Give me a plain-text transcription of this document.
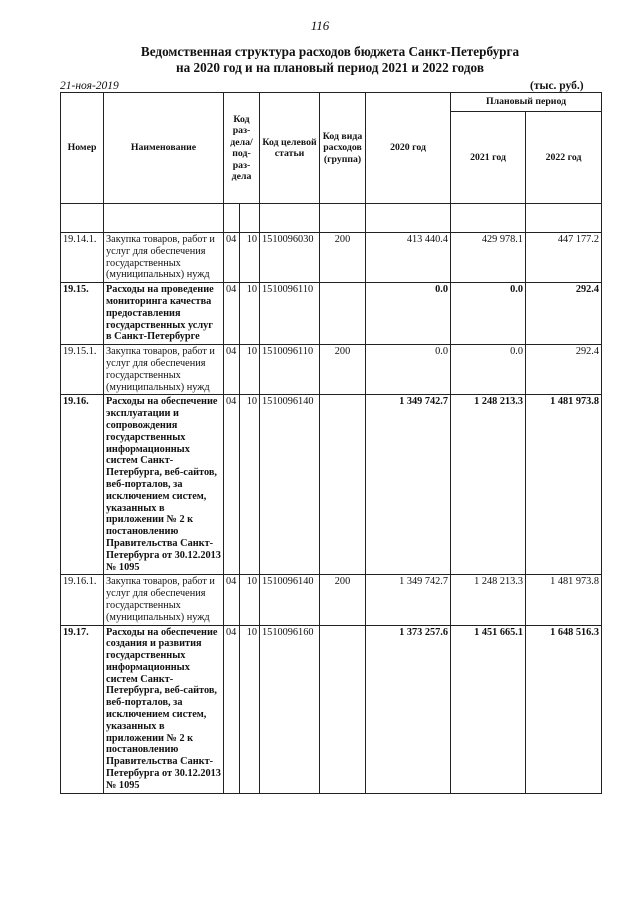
116
Ведомственная структура расходов бюджета Санкт-Петербурга
на 2020 год и на плановый период 2021 и 2022 годов
21-ноя-2019	(тыс. руб.)
Номер	Наименование	Код раз- дела/ под- раз- дела		Код целевой статьи	Код вида расходов (группа)	2020 год	Плановый период	
							2021 год	2022 год

19.14.1.	Закупка товаров, работ и услуг для обеспечения государственных (муниципальных) нужд	04	10	1510096030	200	413 440.4	429 978.1	447 177.2
19.15.	Расходы на проведение мониторинга качества предоставления государственных услуг в Санкт-Петербурге	04	10	1510096110		0.0	0.0	292.4
19.15.1.	Закупка товаров, работ и услуг для обеспечения государственных (муниципальных) нужд	04	10	1510096110	200	0.0	0.0	292.4
19.16.	Расходы на обеспечение эксплуатации и сопровождения государственных информационных систем Санкт-Петербурга, веб-сайтов, веб-порталов, за исключением систем, указанных в приложении № 2 к постановлению Правительства Санкт-Петербурга от 30.12.2013 № 1095	04	10	1510096140		1 349 742.7	1 248 213.3	1 481 973.8
19.16.1.	Закупка товаров, работ и услуг для обеспечения государственных (муниципальных) нужд	04	10	1510096140	200	1 349 742.7	1 248 213.3	1 481 973.8
19.17.	Расходы на обеспечение создания и развития государственных информационных систем Санкт-Петербурга, веб-сайтов, веб-порталов, за исключением систем, указанных в приложении № 2 к постановлению Правительства Санкт-Петербурга от 30.12.2013 № 1095	04	10	1510096160		1 373 257.6	1 451 665.1	1 648 516.3
